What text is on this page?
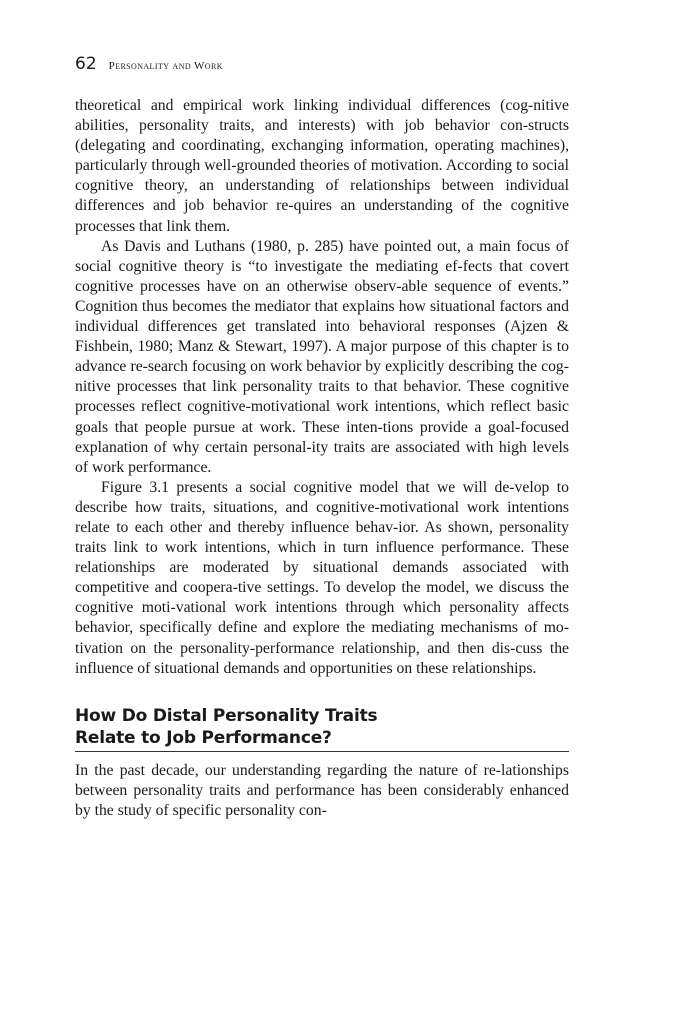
62 Personality and Work

theoretical and empirical work linking individual differences (cog-nitive abilities, personality traits, and interests) with job behavior con-structs (delegating and coordinating, exchanging information, operating machines), particularly through well-grounded theories of motivation. According to social cognitive theory, an understanding of relationships between individual differences and job behavior re-quires an understanding of the cognitive processes that link them.

As Davis and Luthans (1980, p. 285) have pointed out, a main focus of social cognitive theory is “to investigate the mediating ef-fects that covert cognitive processes have on an otherwise observ-able sequence of events.” Cognition thus becomes the mediator that explains how situational factors and individual differences get translated into behavioral responses (Ajzen & Fishbein, 1980; Manz & Stewart, 1997). A major purpose of this chapter is to advance re-search focusing on work behavior by explicitly describing the cog-nitive processes that link personality traits to that behavior. These cognitive processes reflect cognitive-motivational work intentions, which reflect basic goals that people pursue at work. These inten-tions provide a goal-focused explanation of why certain personal-ity traits are associated with high levels of work performance.

Figure 3.1 presents a social cognitive model that we will de-velop to describe how traits, situations, and cognitive-motivational work intentions relate to each other and thereby influence behav-ior. As shown, personality traits link to work intentions, which in turn influence performance. These relationships are moderated by situational demands associated with competitive and coopera-tive settings. To develop the model, we discuss the cognitive moti-vational work intentions through which personality affects behavior, specifically define and explore the mediating mechanisms of mo-tivation on the personality-performance relationship, and then dis-cuss the influence of situational demands and opportunities on these relationships.

How Do Distal Personality Traits
Relate to Job Performance?

In the past decade, our understanding regarding the nature of re-lationships between personality traits and performance has been considerably enhanced by the study of specific personality con-
